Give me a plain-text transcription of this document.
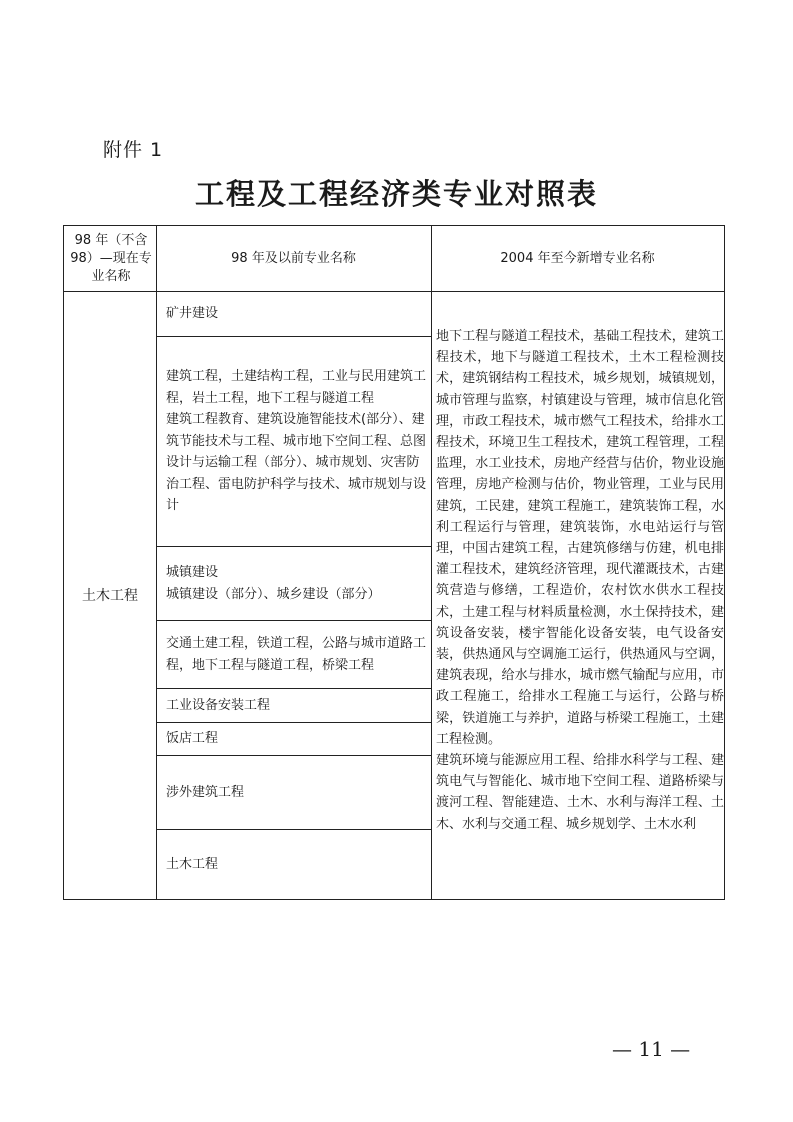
附件 1
工程及工程经济类专业对照表
98 年（不含 98）—现在专业名称
98 年及以前专业名称	2004 年至今新增专业名称
土木工程

矿井建设

建筑工程，土建结构工程，工业与民用建筑工程，岩土工程，地下工程与隧道工程

建筑工程教育、建筑设施智能技术(部分）、建筑节能技术与工程、城市地下空间工程、总图设计与运输工程（部分）、城市规划、灾害防治工程、雷电防护科学与技术、城市规划与设计

城镇建设

城镇建设（部分）、城乡建设（部分）

交通土建工程，铁道工程，公路与城市道路工程，地下工程与隧道工程，桥梁工程

工业设备安装工程

饭店工程

涉外建筑工程

土木工程

地下工程与隧道工程技术，基础工程技术，建筑工程技术，地下与隧道工程技术，土木工程检测技术，建筑钢结构工程技术，城乡规划，城镇规划，城市管理与监察，村镇建设与管理，城市信息化管理，市政工程技术，城市燃气工程技术，给排水工程技术，环境卫生工程技术，建筑工程管理，工程监理，水工业技术，房地产经营与估价，物业设施管理，房地产检测与估价，物业管理，工业与民用建筑，工民建，建筑工程施工，建筑装饰工程，水利工程运行与管理，建筑装饰，水电站运行与管理，中国古建筑工程，古建筑修缮与仿建，机电排灌工程技术，建筑经济管理，现代灌溉技术，古建筑营造与修缮，工程造价，农村饮水供水工程技术，土建工程与材料质量检测，水土保持技术，建筑设备安装，楼宇智能化设备安装，电气设备安装，供热通风与空调施工运行，供热通风与空调，建筑表现，给水与排水，城市燃气输配与应用，市政工程施工，给排水工程施工与运行，公路与桥梁，铁道施工与养护，道路与桥梁工程施工，土建工程检测。

建筑环境与能源应用工程、给排水科学与工程、建筑电气与智能化、城市地下空间工程、道路桥梁与渡河工程、智能建造、土木、水利与海洋工程、土木、水利与交通工程、城乡规划学、土木水利

— 11 —
